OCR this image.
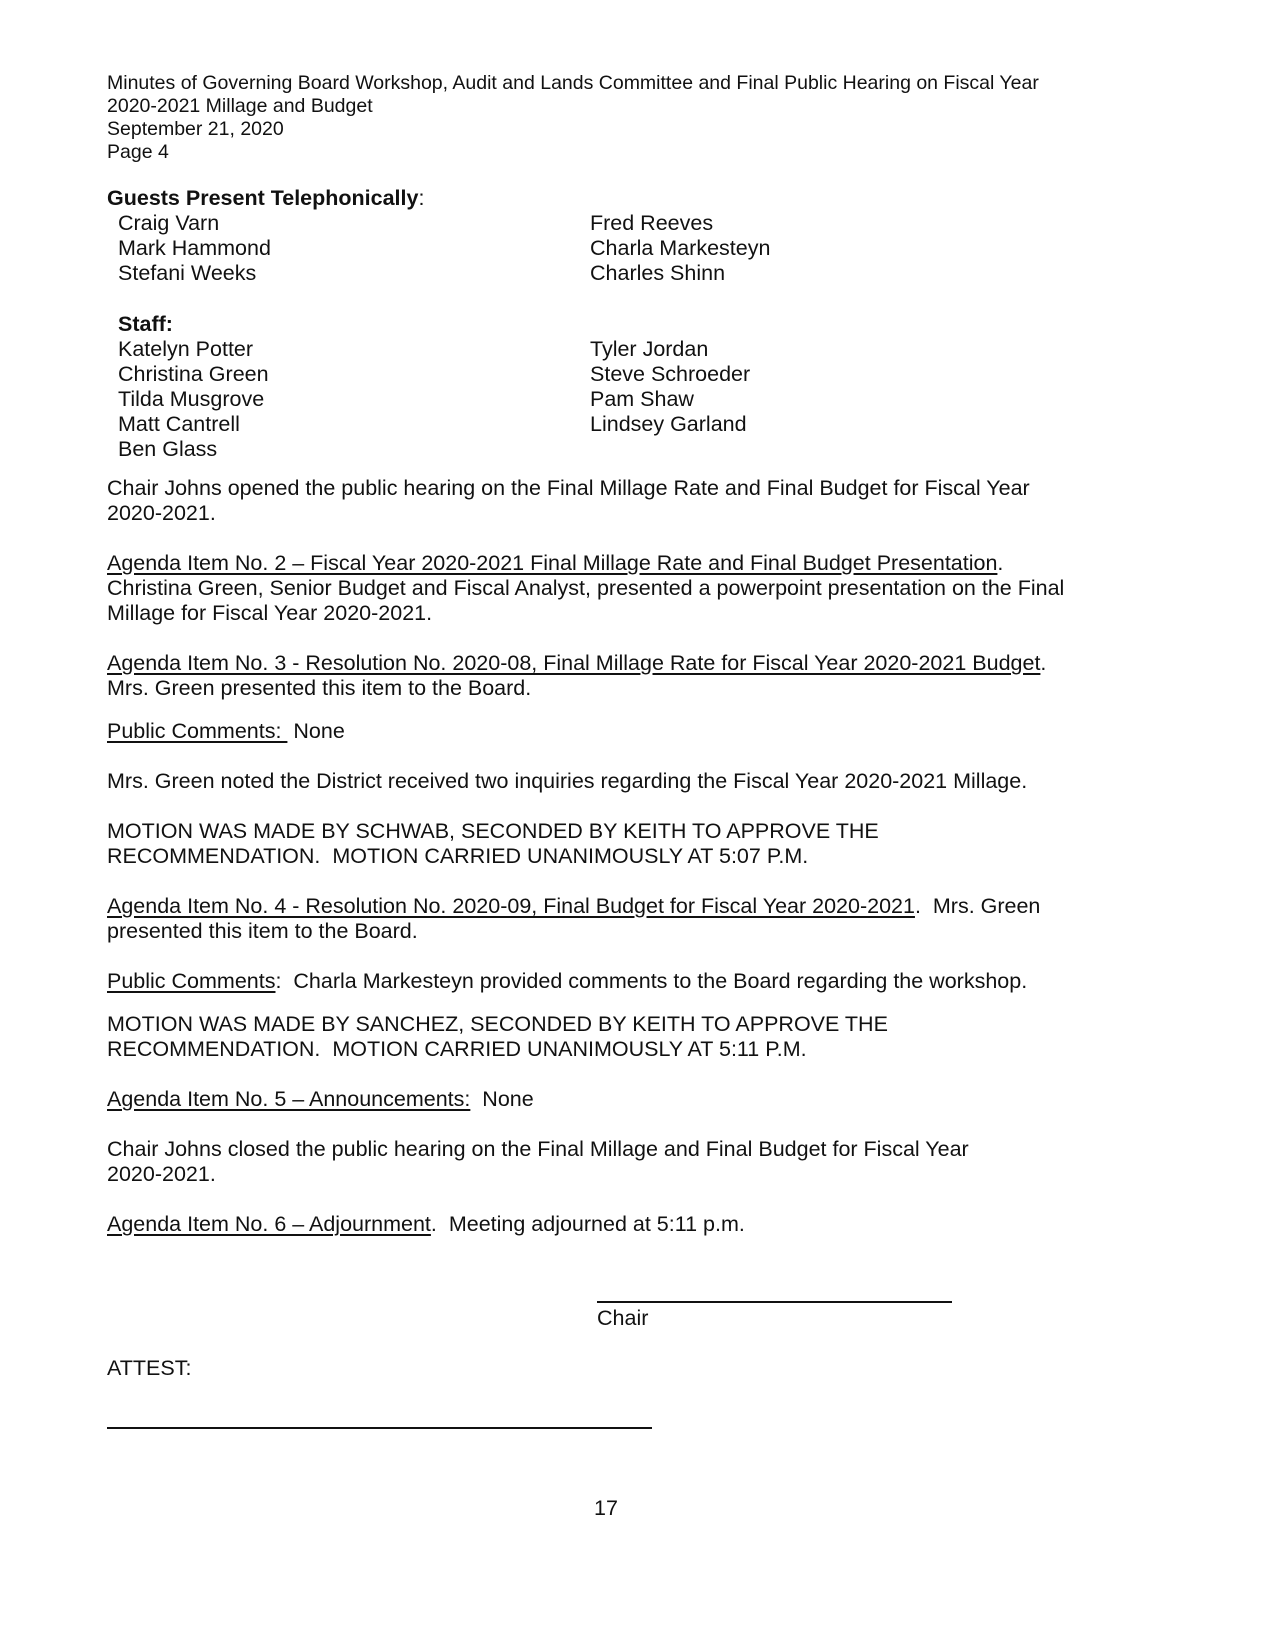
Minutes of Governing Board Workshop, Audit and Lands Committee and Final Public Hearing on Fiscal Year

2020-2021 Millage and Budget

September 21, 2020

Page 4

Guests Present Telephonically:

Craig Varn

Mark Hammond

Stefani Weeks

Fred Reeves

Charla Markesteyn

Charles Shinn

Staff:

Katelyn Potter

Christina Green

Tilda Musgrove

Matt Cantrell

Ben Glass

Tyler Jordan

Steve Schroeder

Pam Shaw

Lindsey Garland

Chair Johns opened the public hearing on the Final Millage Rate and Final Budget for Fiscal Year

2020-2021.

Agenda Item No. 2 – Fiscal Year 2020-2021 Final Millage Rate and Final Budget Presentation.

Christina Green, Senior Budget and Fiscal Analyst, presented a powerpoint presentation on the Final

Millage for Fiscal Year 2020-2021.

Agenda Item No. 3 - Resolution No. 2020-08, Final Millage Rate for Fiscal Year 2020-2021 Budget.

Mrs. Green presented this item to the Board.

Public Comments:  None

Mrs. Green noted the District received two inquiries regarding the Fiscal Year 2020-2021 Millage.

MOTION WAS MADE BY SCHWAB, SECONDED BY KEITH TO APPROVE THE

RECOMMENDATION.  MOTION CARRIED UNANIMOUSLY AT 5:07 P.M.

Agenda Item No. 4 - Resolution No. 2020-09, Final Budget for Fiscal Year 2020-2021.  Mrs. Green

presented this item to the Board.

Public Comments:  Charla Markesteyn provided comments to the Board regarding the workshop.

MOTION WAS MADE BY SANCHEZ, SECONDED BY KEITH TO APPROVE THE

RECOMMENDATION.  MOTION CARRIED UNANIMOUSLY AT 5:11 P.M.

Agenda Item No. 5 – Announcements:  None

Chair Johns closed the public hearing on the Final Millage and Final Budget for Fiscal Year

2020-2021.

Agenda Item No. 6 – Adjournment.  Meeting adjourned at 5:11 p.m.

Chair

ATTEST:

17
